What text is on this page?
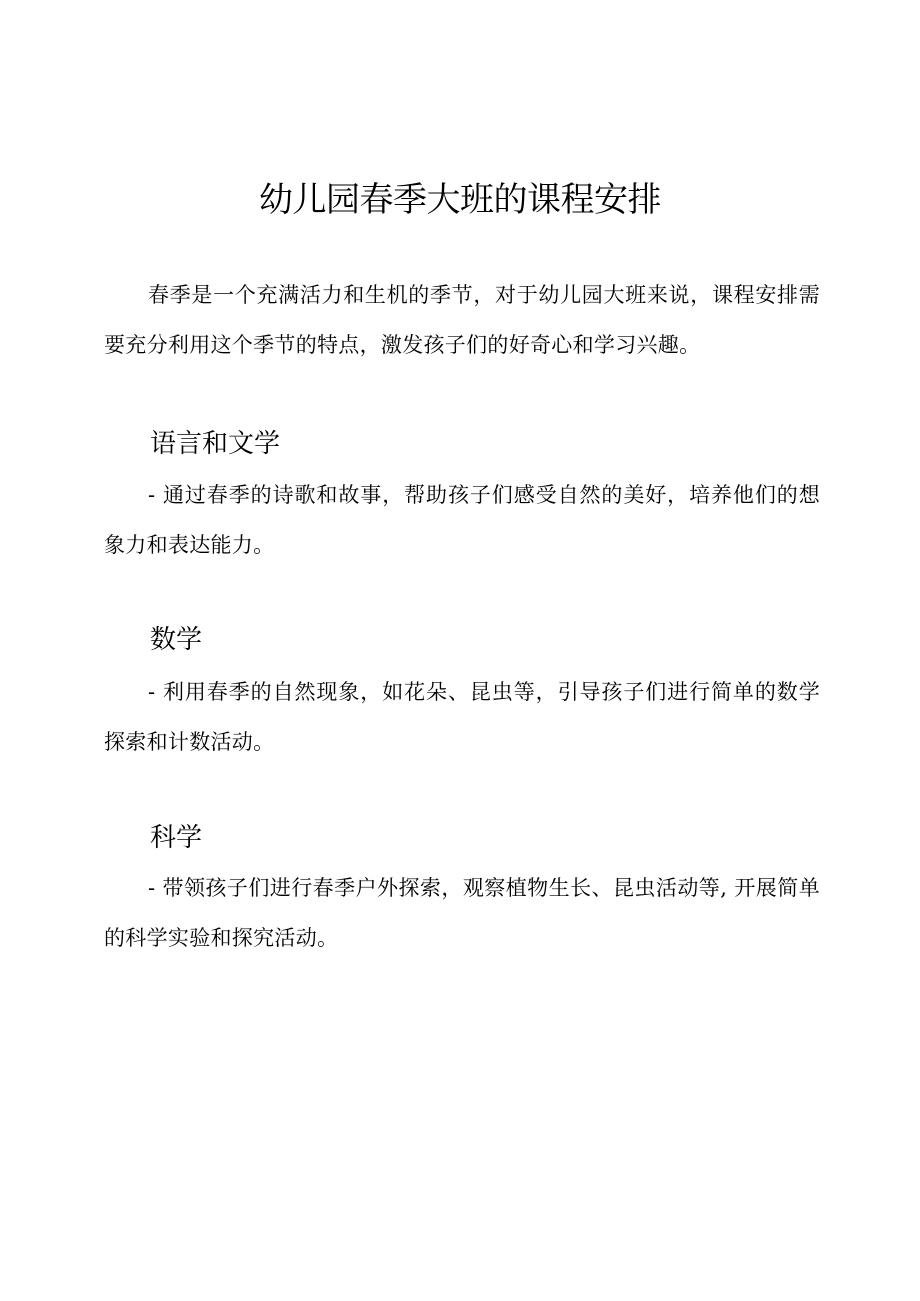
幼儿园春季大班的课程安排

春季是一个充满活力和生机的季节，对于幼儿园大班来说，课程安排需要充分利用这个季节的特点，激发孩子们的好奇心和学习兴趣。

语言和文学

- 通过春季的诗歌和故事，帮助孩子们感受自然的美好，培养他们的想象力和表达能力。

数学

- 利用春季的自然现象，如花朵、昆虫等，引导孩子们进行简单的数学探索和计数活动。

科学

- 带领孩子们进行春季户外探索，观察植物生长、昆虫活动等, 开展简单的科学实验和探究活动。
